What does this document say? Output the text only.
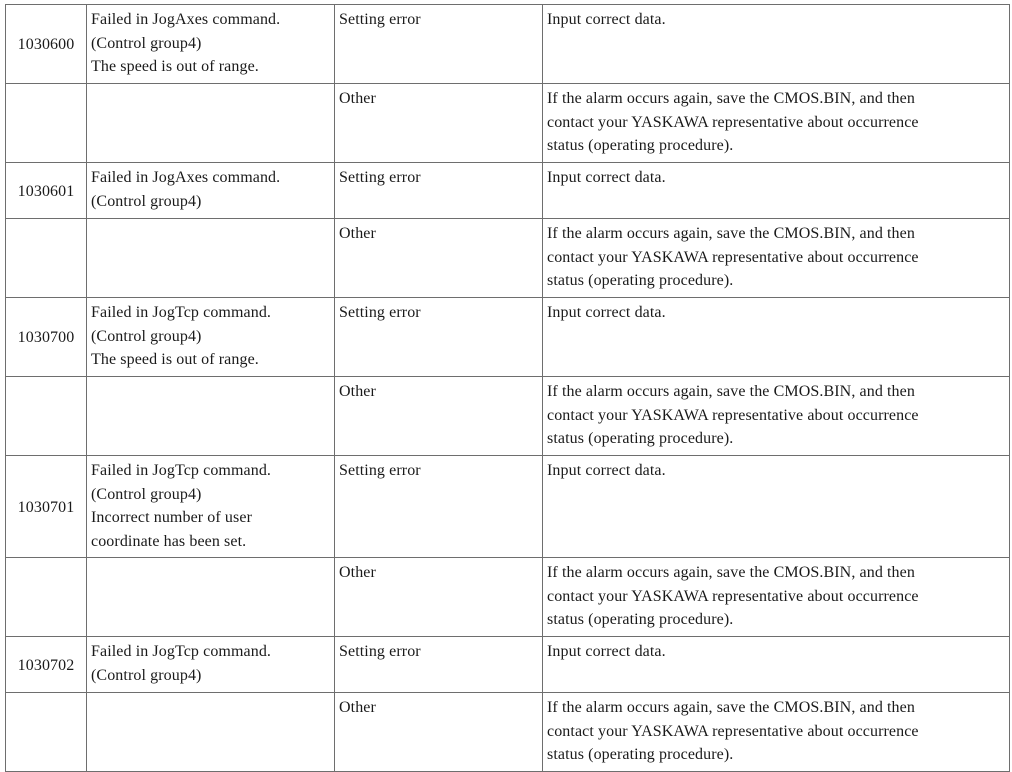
1030600	Failed in JogAxes command.
(Control group4)
The speed is out of range.	Setting error	Input correct data.

		Other	If the alarm occurs again, save the CMOS.BIN, and then
contact your YASKAWA representative about occurrence
status (operating procedure).

1030601	Failed in JogAxes command.
(Control group4)	Setting error	Input correct data.

		Other	If the alarm occurs again, save the CMOS.BIN, and then
contact your YASKAWA representative about occurrence
status (operating procedure).

1030700	Failed in JogTcp command.
(Control group4)
The speed is out of range.	Setting error	Input correct data.

		Other	If the alarm occurs again, save the CMOS.BIN, and then
contact your YASKAWA representative about occurrence
status (operating procedure).

1030701	Failed in JogTcp command.
(Control group4)
Incorrect number of user
coordinate has been set.	Setting error	Input correct data.

		Other	If the alarm occurs again, save the CMOS.BIN, and then
contact your YASKAWA representative about occurrence
status (operating procedure).

1030702	Failed in JogTcp command.
(Control group4)	Setting error	Input correct data.

		Other	If the alarm occurs again, save the CMOS.BIN, and then
contact your YASKAWA representative about occurrence
status (operating procedure).
